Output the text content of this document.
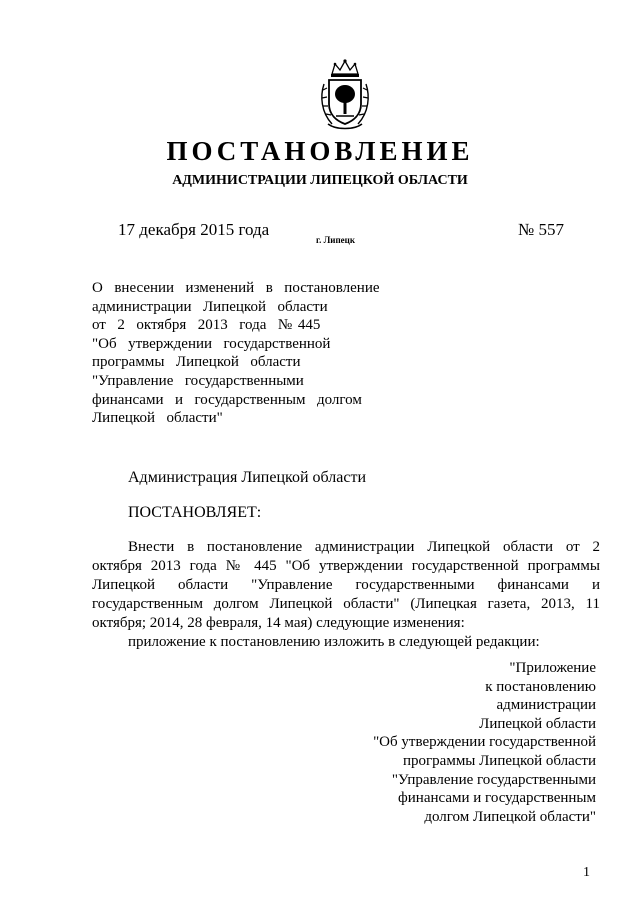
ПОСТАНОВЛЕНИЕ
АДМИНИСТРАЦИИ ЛИПЕЦКОЙ ОБЛАСТИ
17 декабря 2015 года
г. Липецк
№ 557
О  внесении  изменений  в  постановление
администрации  Липецкой  области
от  2  октября  2013  года  № 445
"Об  утверждении  государственной
программы  Липецкой  области
"Управление  государственными
финансами  и  государственным  долгом
Липецкой  области"
Администрация Липецкой области
ПОСТАНОВЛЯЕТ:
Внести в постановление администрации Липецкой области от 2
октября 2013 года № 445 "Об утверждении государственной программы
Липецкой области "Управление государственными финансами и
государственным долгом Липецкой области" (Липецкая газета, 2013, 11
октября; 2014, 28 февраля, 14 мая) следующие изменения:
приложение к постановлению изложить в следующей редакции:
"Приложение
к постановлению
администрации
Липецкой области
"Об утверждении государственной
программы Липецкой области
"Управление государственными
финансами и государственным
долгом Липецкой области"
1
